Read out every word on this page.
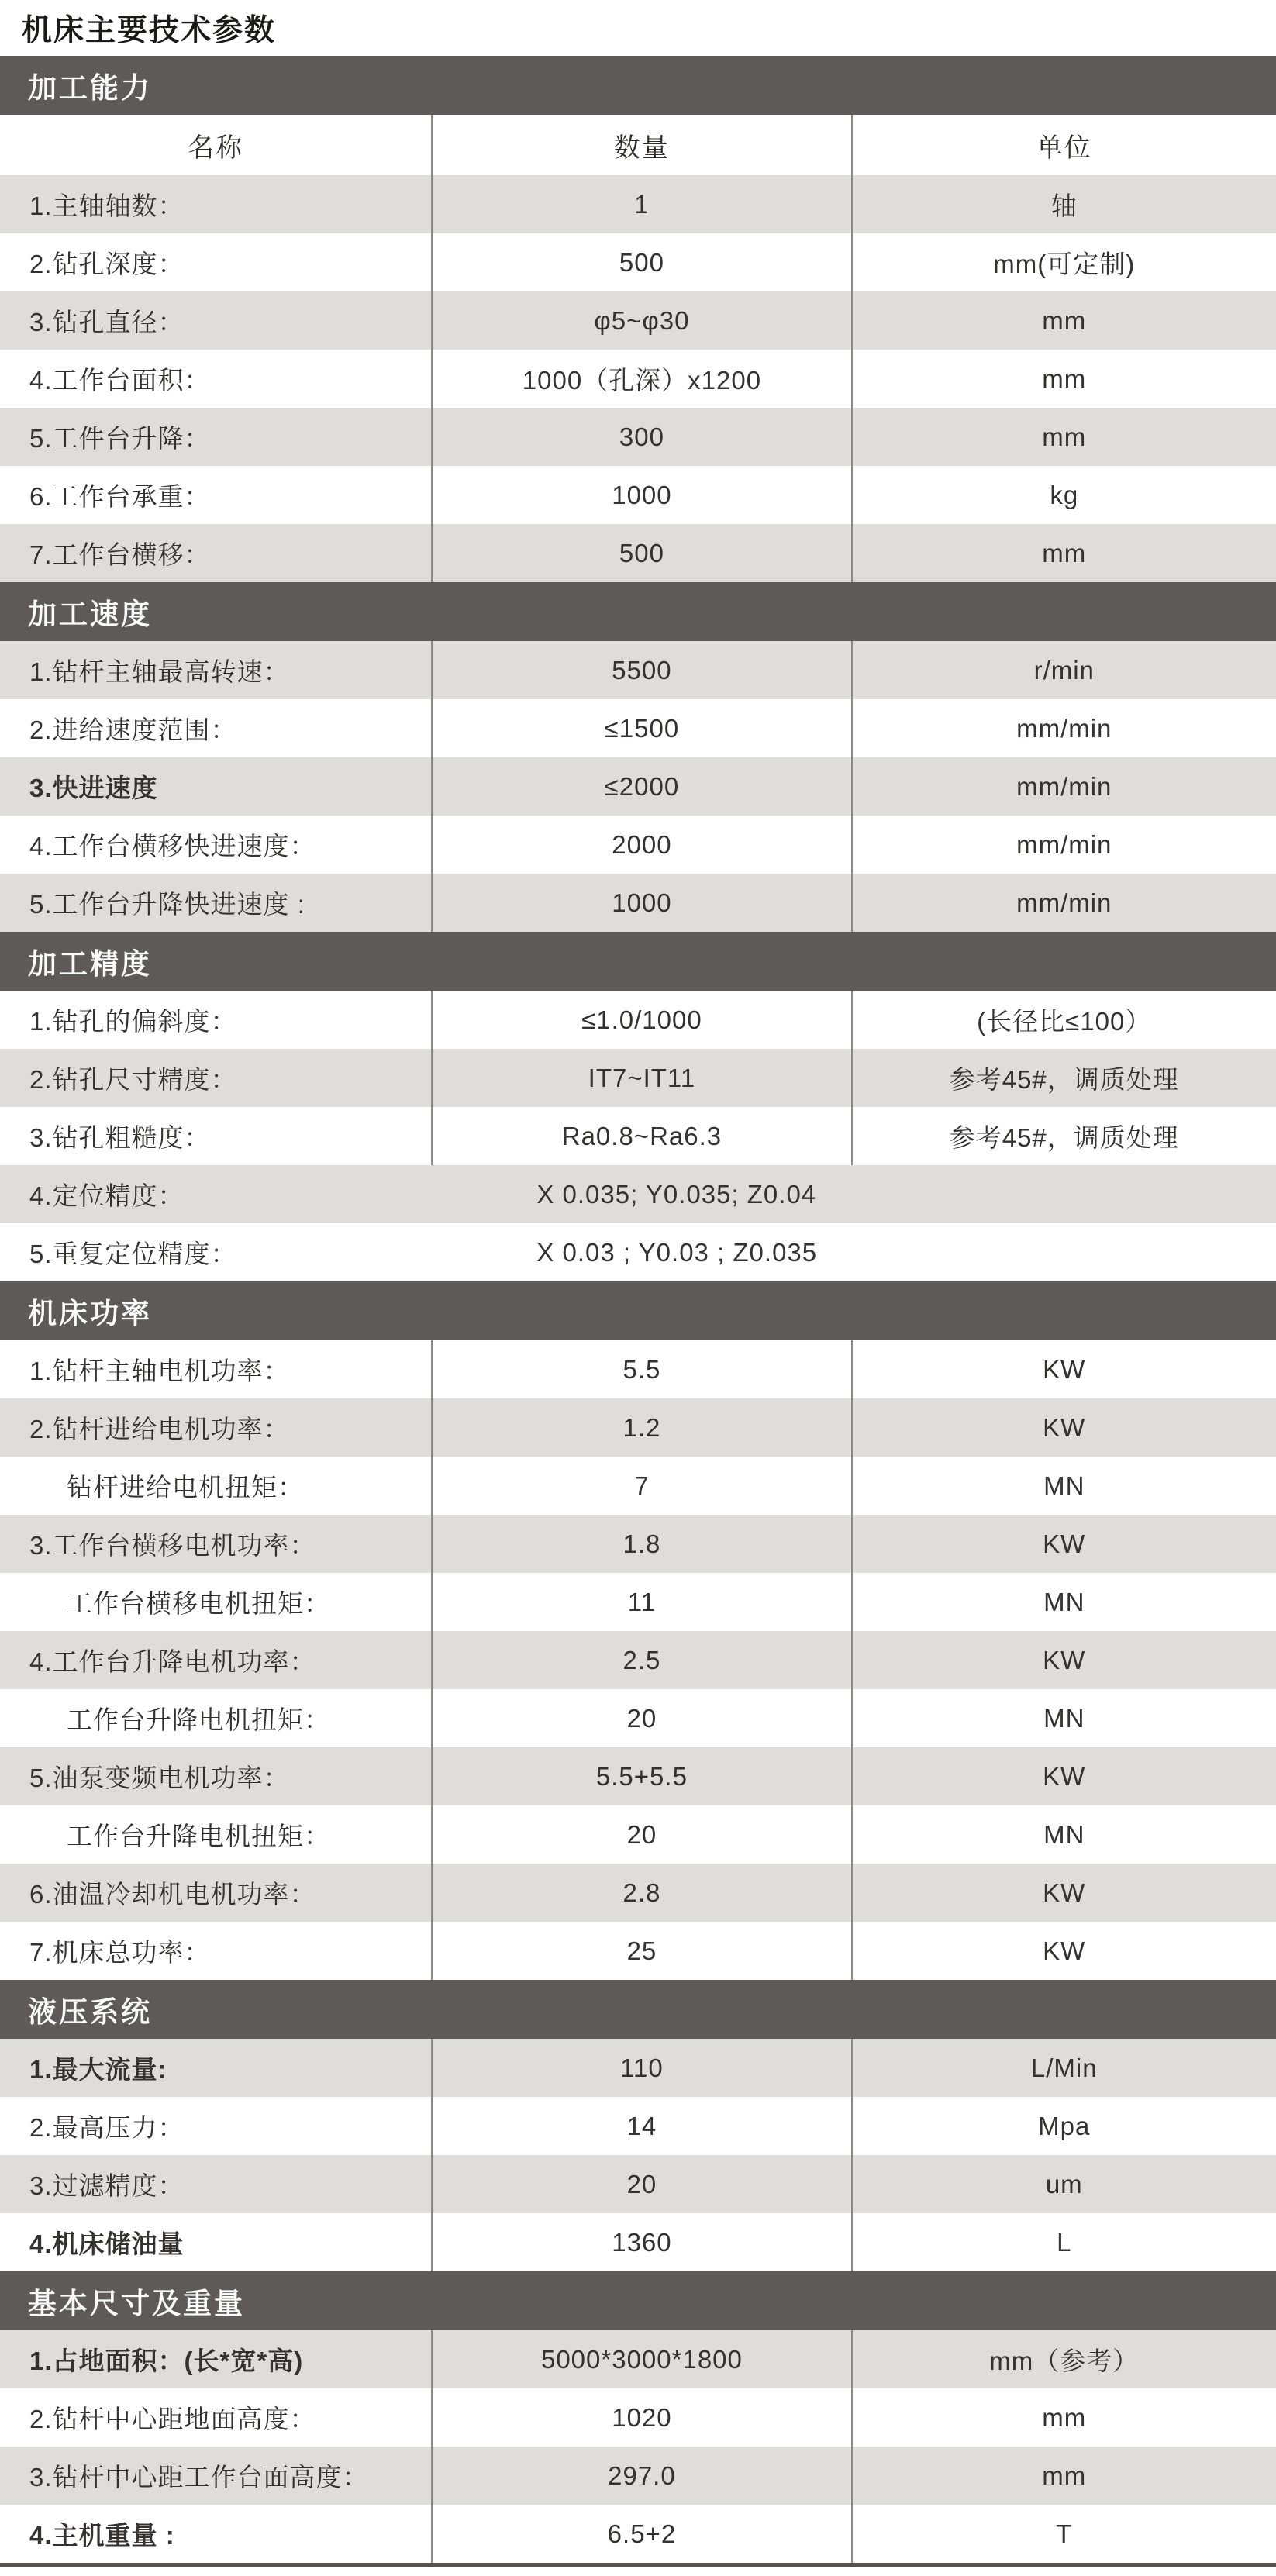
机床主要技术参数
加工能力
名称	数量	单位
1.主轴轴数：	1	轴
2.钻孔深度：	500	mm(可定制)
3.钻孔直径：	φ5~φ30	mm
4.工作台面积：	1000（孔深）x1200	mm
5.工件台升降：	300	mm
6.工作台承重：	1000	kg
7.工作台横移：	500	mm
加工速度
1.钻杆主轴最高转速：	5500	r/min
2.进给速度范围：	≤1500	mm/min
3.快进速度	≤2000	mm/min
4.工作台横移快进速度：	2000	mm/min
5.工作台升降快进速度 :	1000	mm/min
加工精度
1.钻孔的偏斜度：	≤1.0/1000	(长径比≤100）
2.钻孔尺寸精度：	IT7~IT11	参考45#，调质处理
3.钻孔粗糙度：	Ra0.8~Ra6.3	参考45#，调质处理
4.定位精度：	X 0.035; Y0.035; Z0.04
5.重复定位精度：	X 0.03 ; Y0.03 ; Z0.035
机床功率
1.钻杆主轴电机功率：	5.5	KW
2.钻杆进给电机功率：	1.2	KW
钻杆进给电机扭矩：	7	MN
3.工作台横移电机功率：	1.8	KW
工作台横移电机扭矩：	11	MN
4.工作台升降电机功率：	2.5	KW
工作台升降电机扭矩：	20	MN
5.油泵变频电机功率：	5.5+5.5	KW
工作台升降电机扭矩：	20	MN
6.油温冷却机电机功率：	2.8	KW
7.机床总功率：	25	KW
液压系统
1.最大流量:	110	L/Min
2.最高压力：	14	Mpa
3.过滤精度：	20	um
4.机床储油量	1360	L
基本尺寸及重量
1.占地面积：(长*宽*高)	5000*3000*1800	mm（参考）
2.钻杆中心距地面高度：	1020	mm
3.钻杆中心距工作台面高度：	297.0	mm
4.主机重量 :	6.5+2	T
